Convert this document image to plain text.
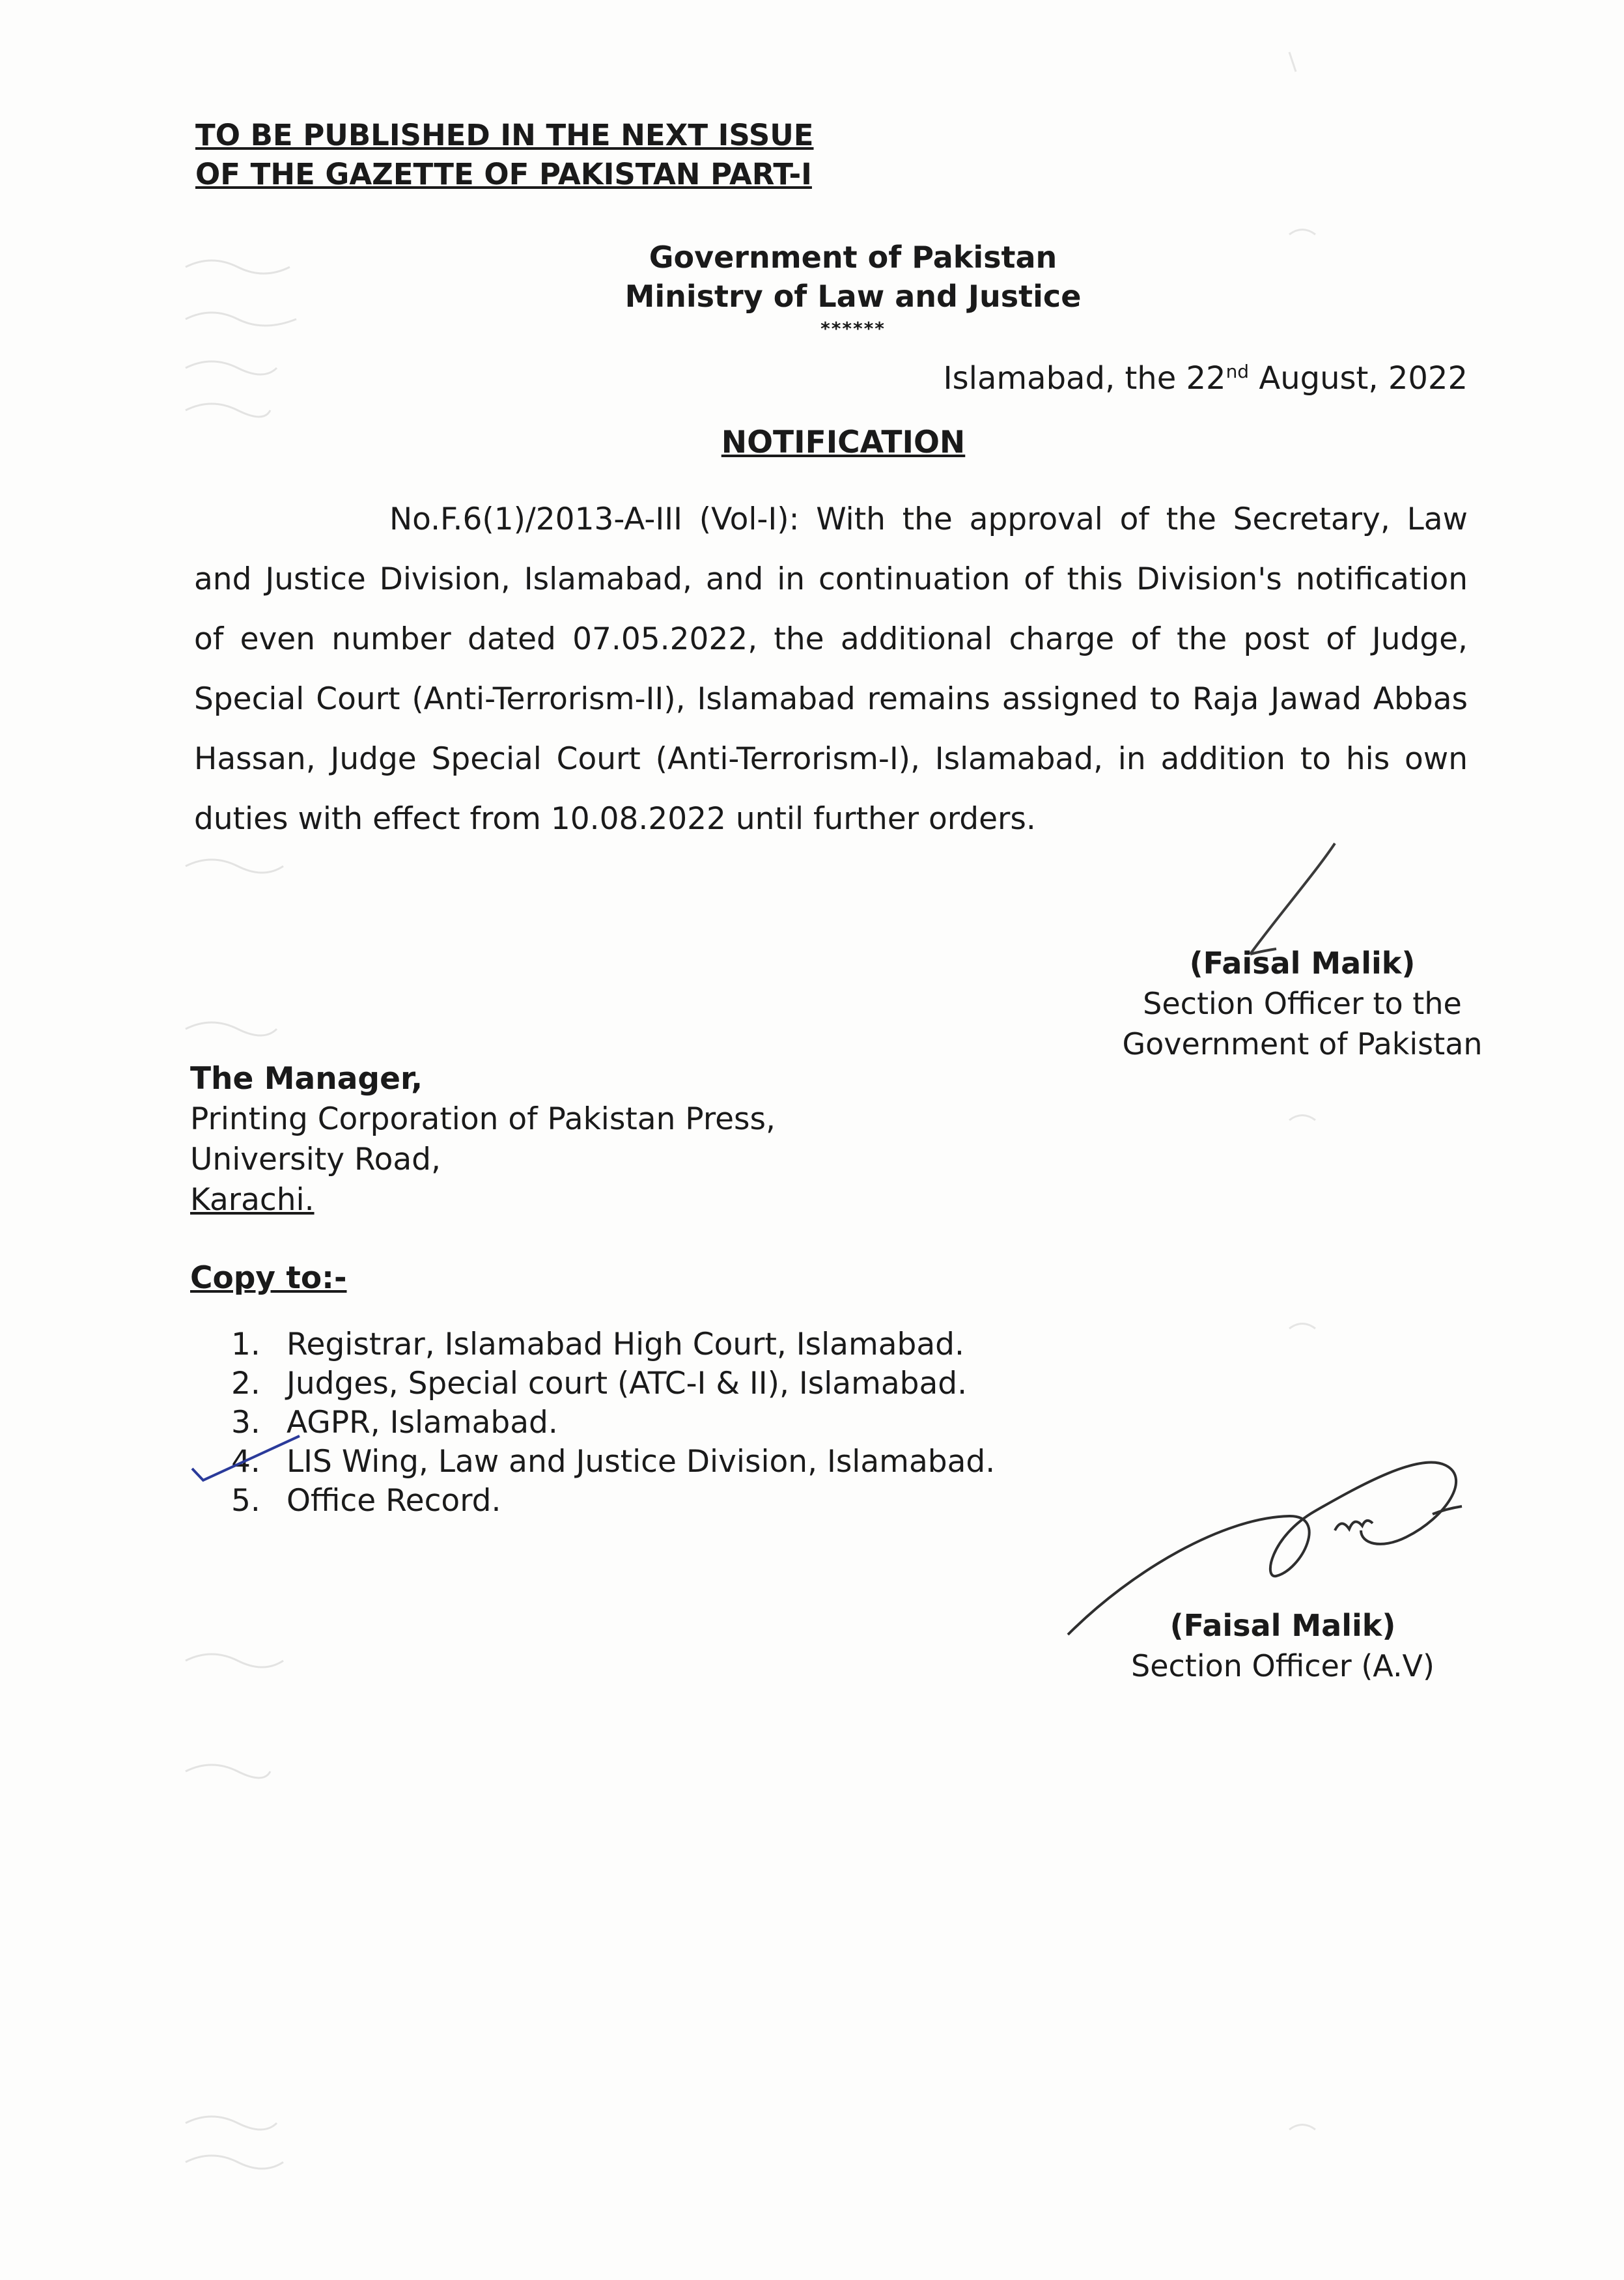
TO BE PUBLISHED IN THE NEXT ISSUE
OF THE GAZETTE OF PAKISTAN PART-I
Government of Pakistan
Ministry of Law and Justice
******
Islamabad, the 22nd August, 2022
NOTIFICATION
No.F.6(1)/2013-A-III (Vol-I): With the approval of the Secretary, Law and Justice Division, Islamabad, and in continuation of this Division's notification of even number dated 07.05.2022, the additional charge of the post of Judge, Special Court (Anti-Terrorism-II), Islamabad remains assigned to Raja Jawad Abbas Hassan, Judge Special Court (Anti-Terrorism-I), Islamabad, in addition to his own duties with effect from 10.08.2022 until further orders.
(Faisal Malik)
Section Officer to the
Government of Pakistan
The Manager,
Printing Corporation of Pakistan Press,
University Road,
Karachi.
Copy to:-
1. Registrar, Islamabad High Court, Islamabad.
2. Judges, Special court (ATC-I & II), Islamabad.
3. AGPR, Islamabad.
4. LIS Wing, Law and Justice Division, Islamabad.
5. Office Record.
(Faisal Malik)
Section Officer (A.V)
